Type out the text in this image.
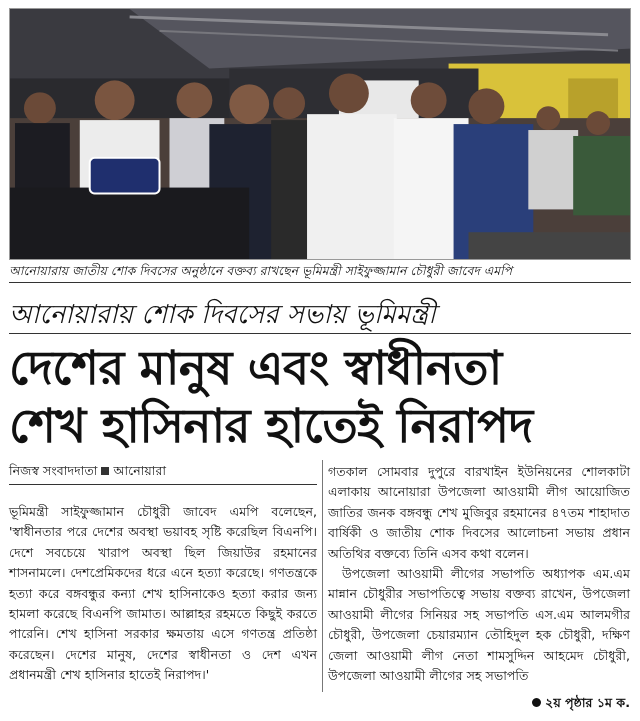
আনোয়ারায় জাতীয় শোক দিবসের অনুষ্ঠানে বক্তব্য রাখছেন ভূমিমন্ত্রী সাইফুজ্জামান চৌধুরী জাবেদ এমপি
আনোয়ারায় শোক দিবসের সভায় ভূমিমন্ত্রী
দেশের মানুষ এবং স্বাধীনতা
শেখ হাসিনার হাতেই নিরাপদ
নিজস্ব সংবাদদাতা আনোয়ারা

ভূমিমন্ত্রী সাইফুজ্জামান চৌধুরী জাবেদ এমপি বলেছেন, 'স্বাধীনতার পরে দেশের অবস্থা ভয়াবহ সৃষ্টি করেছিল বিএনপি। দেশে সবচেয়ে খারাপ অবস্থা ছিল জিয়াউর রহমানের শাসনামলে। দেশপ্রেমিকদের ধরে এনে হত্যা করেছে। গণতন্ত্রকে হত্যা করে বঙ্গবন্ধুর কন্যা শেখ হাসিনাকেও হত্যা করার জন্য হামলা করেছে বিএনপি জামাত। আল্লাহর রহমতে কিছুই করতে পারেনি। শেখ হাসিনা সরকার ক্ষমতায় এসে গণতন্ত্র প্রতিষ্ঠা করেছেন। দেশের মানুষ, দেশের স্বাধীনতা ও দেশ এখন প্রধানমন্ত্রী শেখ হাসিনার হাতেই নিরাপদ।'

গতকাল সোমবার দুপুরে বারখাইন ইউনিয়নের শোলকাটা এলাকায় আনোয়ারা উপজেলা আওয়ামী লীগ আয়োজিত জাতির জনক বঙ্গবন্ধু শেখ মুজিবুর রহমানের ৪৭তম শাহাদাত বার্ষিকী ও জাতীয় শোক দিবসের আলোচনা সভায় প্রধান অতিথির বক্তব্যে তিনি এসব কথা বলেন।

উপজেলা আওয়ামী লীগের সভাপতি অধ্যাপক এম.এম মান্নান চৌধুরীর সভাপতিত্বে সভায় বক্তব্য রাখেন, উপজেলা আওয়ামী লীগের সিনিয়র সহ সভাপতি এস.এম আলমগীর চৌধুরী, উপজেলা চেয়ারম্যান তৌহিদুল হক চৌধুরী, দক্ষিণ জেলা আওয়ামী লীগ নেতা শামসুদ্দিন আহমেদ চৌধুরী, উপজেলা আওয়ামী লীগের সহ সভাপতি

২য় পৃষ্ঠার ১ম ক.
